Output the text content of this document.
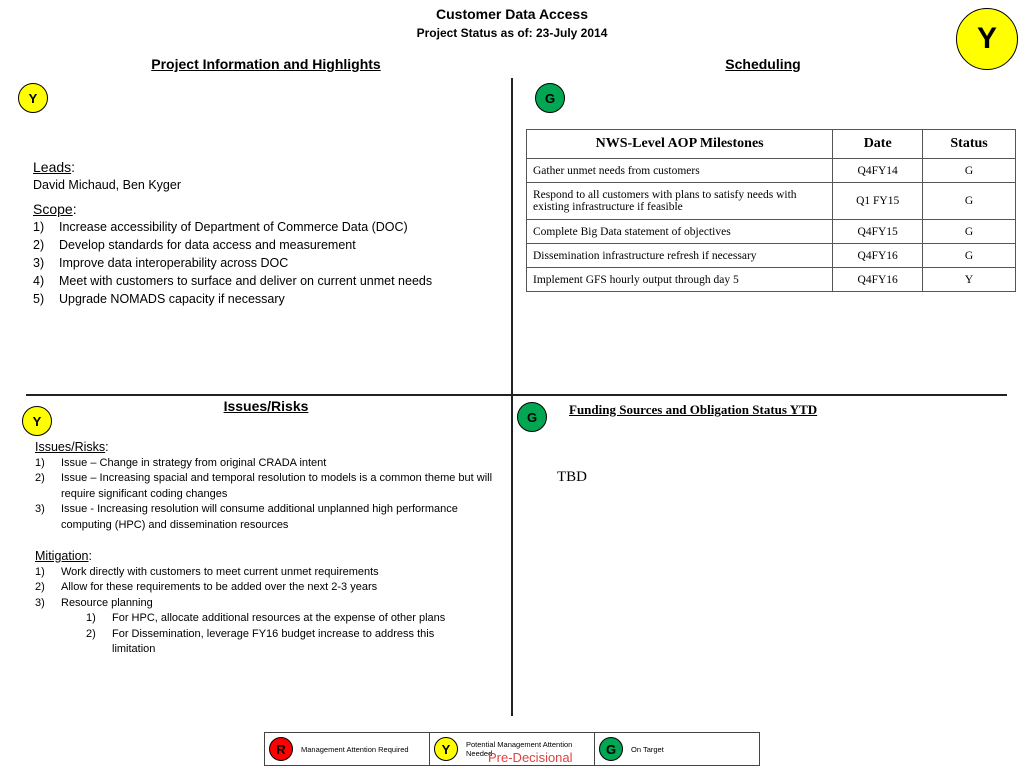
Customer Data Access
Project Status as of: 23-July 2014	Y
Project Information and Highlights
Y
Leads:
David Michaud, Ben Kyger
Scope:
1)	Increase accessibility of Department of Commerce Data (DOC)
2)	Develop standards for data access and measurement
3)	Improve data interoperability across DOC
4)	Meet with customers to surface and deliver on current unmet needs
5)	Upgrade NOMADS capacity if necessary
Scheduling
G
NWS-Level AOP Milestones	Date	Status
Gather unmet needs from customers	Q4FY14	G
Respond to all customers with plans to satisfy needs with existing infrastructure if feasible	Q1 FY15	G
Complete Big Data statement of objectives	Q4FY15	G
Dissemination infrastructure refresh if necessary	Q4FY16	G
Implement GFS hourly output through day 5	Q4FY16	Y
Issues/Risks
Y
Issues/Risks:
1)	Issue – Change in strategy from original CRADA intent
2)	Issue – Increasing spacial and temporal resolution to models is a common theme but will require significant coding changes
3)	Issue - Increasing resolution will consume additional unplanned high performance computing (HPC) and dissemination resources
Mitigation:
1)	Work directly with customers to meet current unmet requirements
2)	Allow for these requirements to be added over the next 2-3 years
3)	Resource planning
1)	For HPC, allocate additional resources at the expense of other plans
2)	For Dissemination, leverage FY16 budget increase to address this limitation
G	Funding Sources and Obligation Status YTD
TBD
R	Management Attention Required	Y	Potential Management Attention Needed	G	On Target
Pre-Decisional
